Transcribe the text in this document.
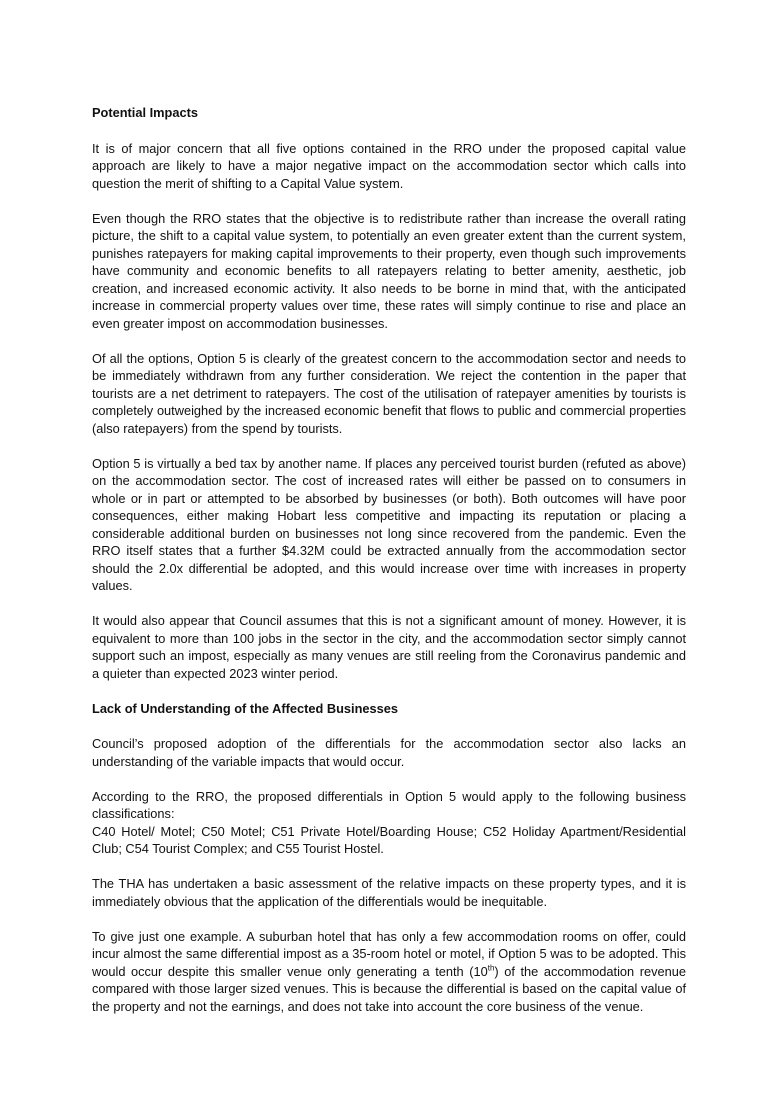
Potential Impacts

It is of major concern that all five options contained in the RRO under the proposed capital value approach are likely to have a major negative impact on the accommodation sector which calls into question the merit of shifting to a Capital Value system.

Even though the RRO states that the objective is to redistribute rather than increase the overall rating picture, the shift to a capital value system, to potentially an even greater extent than the current system, punishes ratepayers for making capital improvements to their property, even though such improvements have community and economic benefits to all ratepayers relating to better amenity, aesthetic, job creation, and increased economic activity. It also needs to be borne in mind that, with the anticipated increase in commercial property values over time, these rates will simply continue to rise and place an even greater impost on accommodation businesses.

Of all the options, Option 5 is clearly of the greatest concern to the accommodation sector and needs to be immediately withdrawn from any further consideration. We reject the contention in the paper that tourists are a net detriment to ratepayers. The cost of the utilisation of ratepayer amenities by tourists is completely outweighed by the increased economic benefit that flows to public and commercial properties (also ratepayers) from the spend by tourists.

Option 5 is virtually a bed tax by another name. If places any perceived tourist burden (refuted as above) on the accommodation sector. The cost of increased rates will either be passed on to consumers in whole or in part or attempted to be absorbed by businesses (or both). Both outcomes will have poor consequences, either making Hobart less competitive and impacting its reputation or placing a considerable additional burden on businesses not long since recovered from the pandemic. Even the RRO itself states that a further $4.32M could be extracted annually from the accommodation sector should the 2.0x differential be adopted, and this would increase over time with increases in property values.

It would also appear that Council assumes that this is not a significant amount of money. However, it is equivalent to more than 100 jobs in the sector in the city, and the accommodation sector simply cannot support such an impost, especially as many venues are still reeling from the Coronavirus pandemic and a quieter than expected 2023 winter period.

Lack of Understanding of the Affected Businesses

Council’s proposed adoption of the differentials for the accommodation sector also lacks an understanding of the variable impacts that would occur.

According to the RRO, the proposed differentials in Option 5 would apply to the following business classifications:

C40 Hotel/ Motel; C50 Motel; C51 Private Hotel/Boarding House; C52 Holiday Apartment/Residential Club; C54 Tourist Complex; and C55 Tourist Hostel.

The THA has undertaken a basic assessment of the relative impacts on these property types, and it is immediately obvious that the application of the differentials would be inequitable.

To give just one example. A suburban hotel that has only a few accommodation rooms on offer, could incur almost the same differential impost as a 35-room hotel or motel, if Option 5 was to be adopted. This would occur despite this smaller venue only generating a tenth (10th) of the accommodation revenue compared with those larger sized venues. This is because the differential is based on the capital value of the property and not the earnings, and does not take into account the core business of the venue.
